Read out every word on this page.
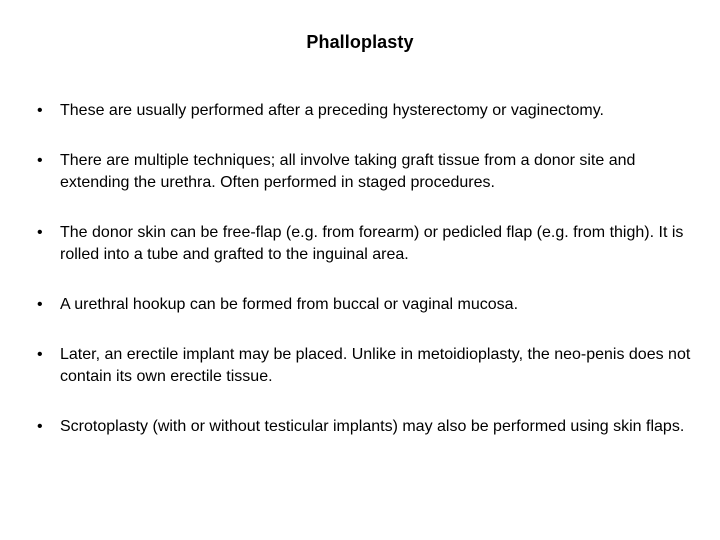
Phalloplasty
• These are usually performed after a preceding hysterectomy or vaginectomy.
• There are multiple techniques; all involve taking graft tissue from a donor site and extending the urethra. Often performed in staged procedures.
• The donor skin can be free-flap (e.g. from forearm) or pedicled flap (e.g. from thigh). It is rolled into a tube and grafted to the inguinal area.
• A urethral hookup can be formed from buccal or vaginal mucosa.
• Later, an erectile implant may be placed. Unlike in metoidioplasty, the neo-penis does not contain its own erectile tissue.
• Scrotoplasty (with or without testicular implants) may also be performed using skin flaps.
